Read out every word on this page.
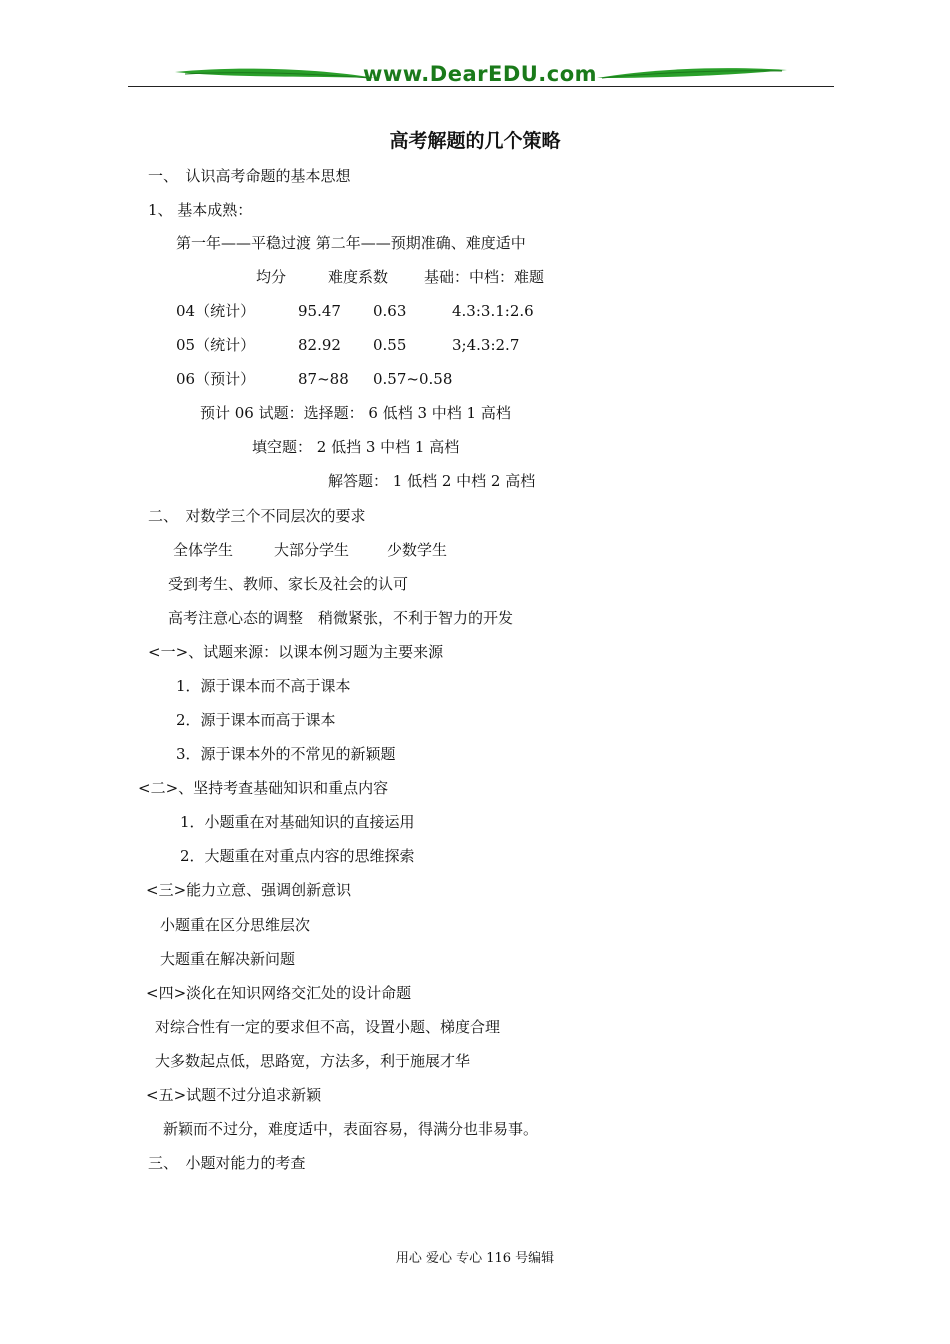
www.DearEDU.com
高考解题的几个策略
一、　认识高考命题的基本思想
1、 基本成熟：
第一年——平稳过渡 第二年——预期准确、难度适中
均分	难度系数 基础：中档：难题
04（统计）	95.47 0.63	4.3:3.1:2.6
05（统计）	82.92 0.55	3;4.3:2.7
06（预计）	87~88 0.57~0.58
预计 06 试题：选择题： 6 低档 3 中档 1 高档
填空题： 2 低挡 3 中档 1 高档
解答题： 1 低档 2 中档 2 高档
二、　对数学三个不同层次的要求
全体学生	大部分学生	少数学生
受到考生、教师、家长及社会的认可
高考注意心态的调整　稍微紧张，不利于智力的开发
<一>、试题来源：以课本例习题为主要来源
1．源于课本而不高于课本
2．源于课本而高于课本
3．源于课本外的不常见的新颖题
<二>、坚持考查基础知识和重点内容
1．小题重在对基础知识的直接运用
2．大题重在对重点内容的思维探索
<三>能力立意、强调创新意识
小题重在区分思维层次
大题重在解决新问题
<四>淡化在知识网络交汇处的设计命题
对综合性有一定的要求但不高，设置小题、梯度合理
大多数起点低，思路宽，方法多，利于施展才华
<五>试题不过分追求新颖
新颖而不过分，难度适中，表面容易，得满分也非易事。
三、　小题对能力的考查
用心 爱心 专心 116 号编辑
